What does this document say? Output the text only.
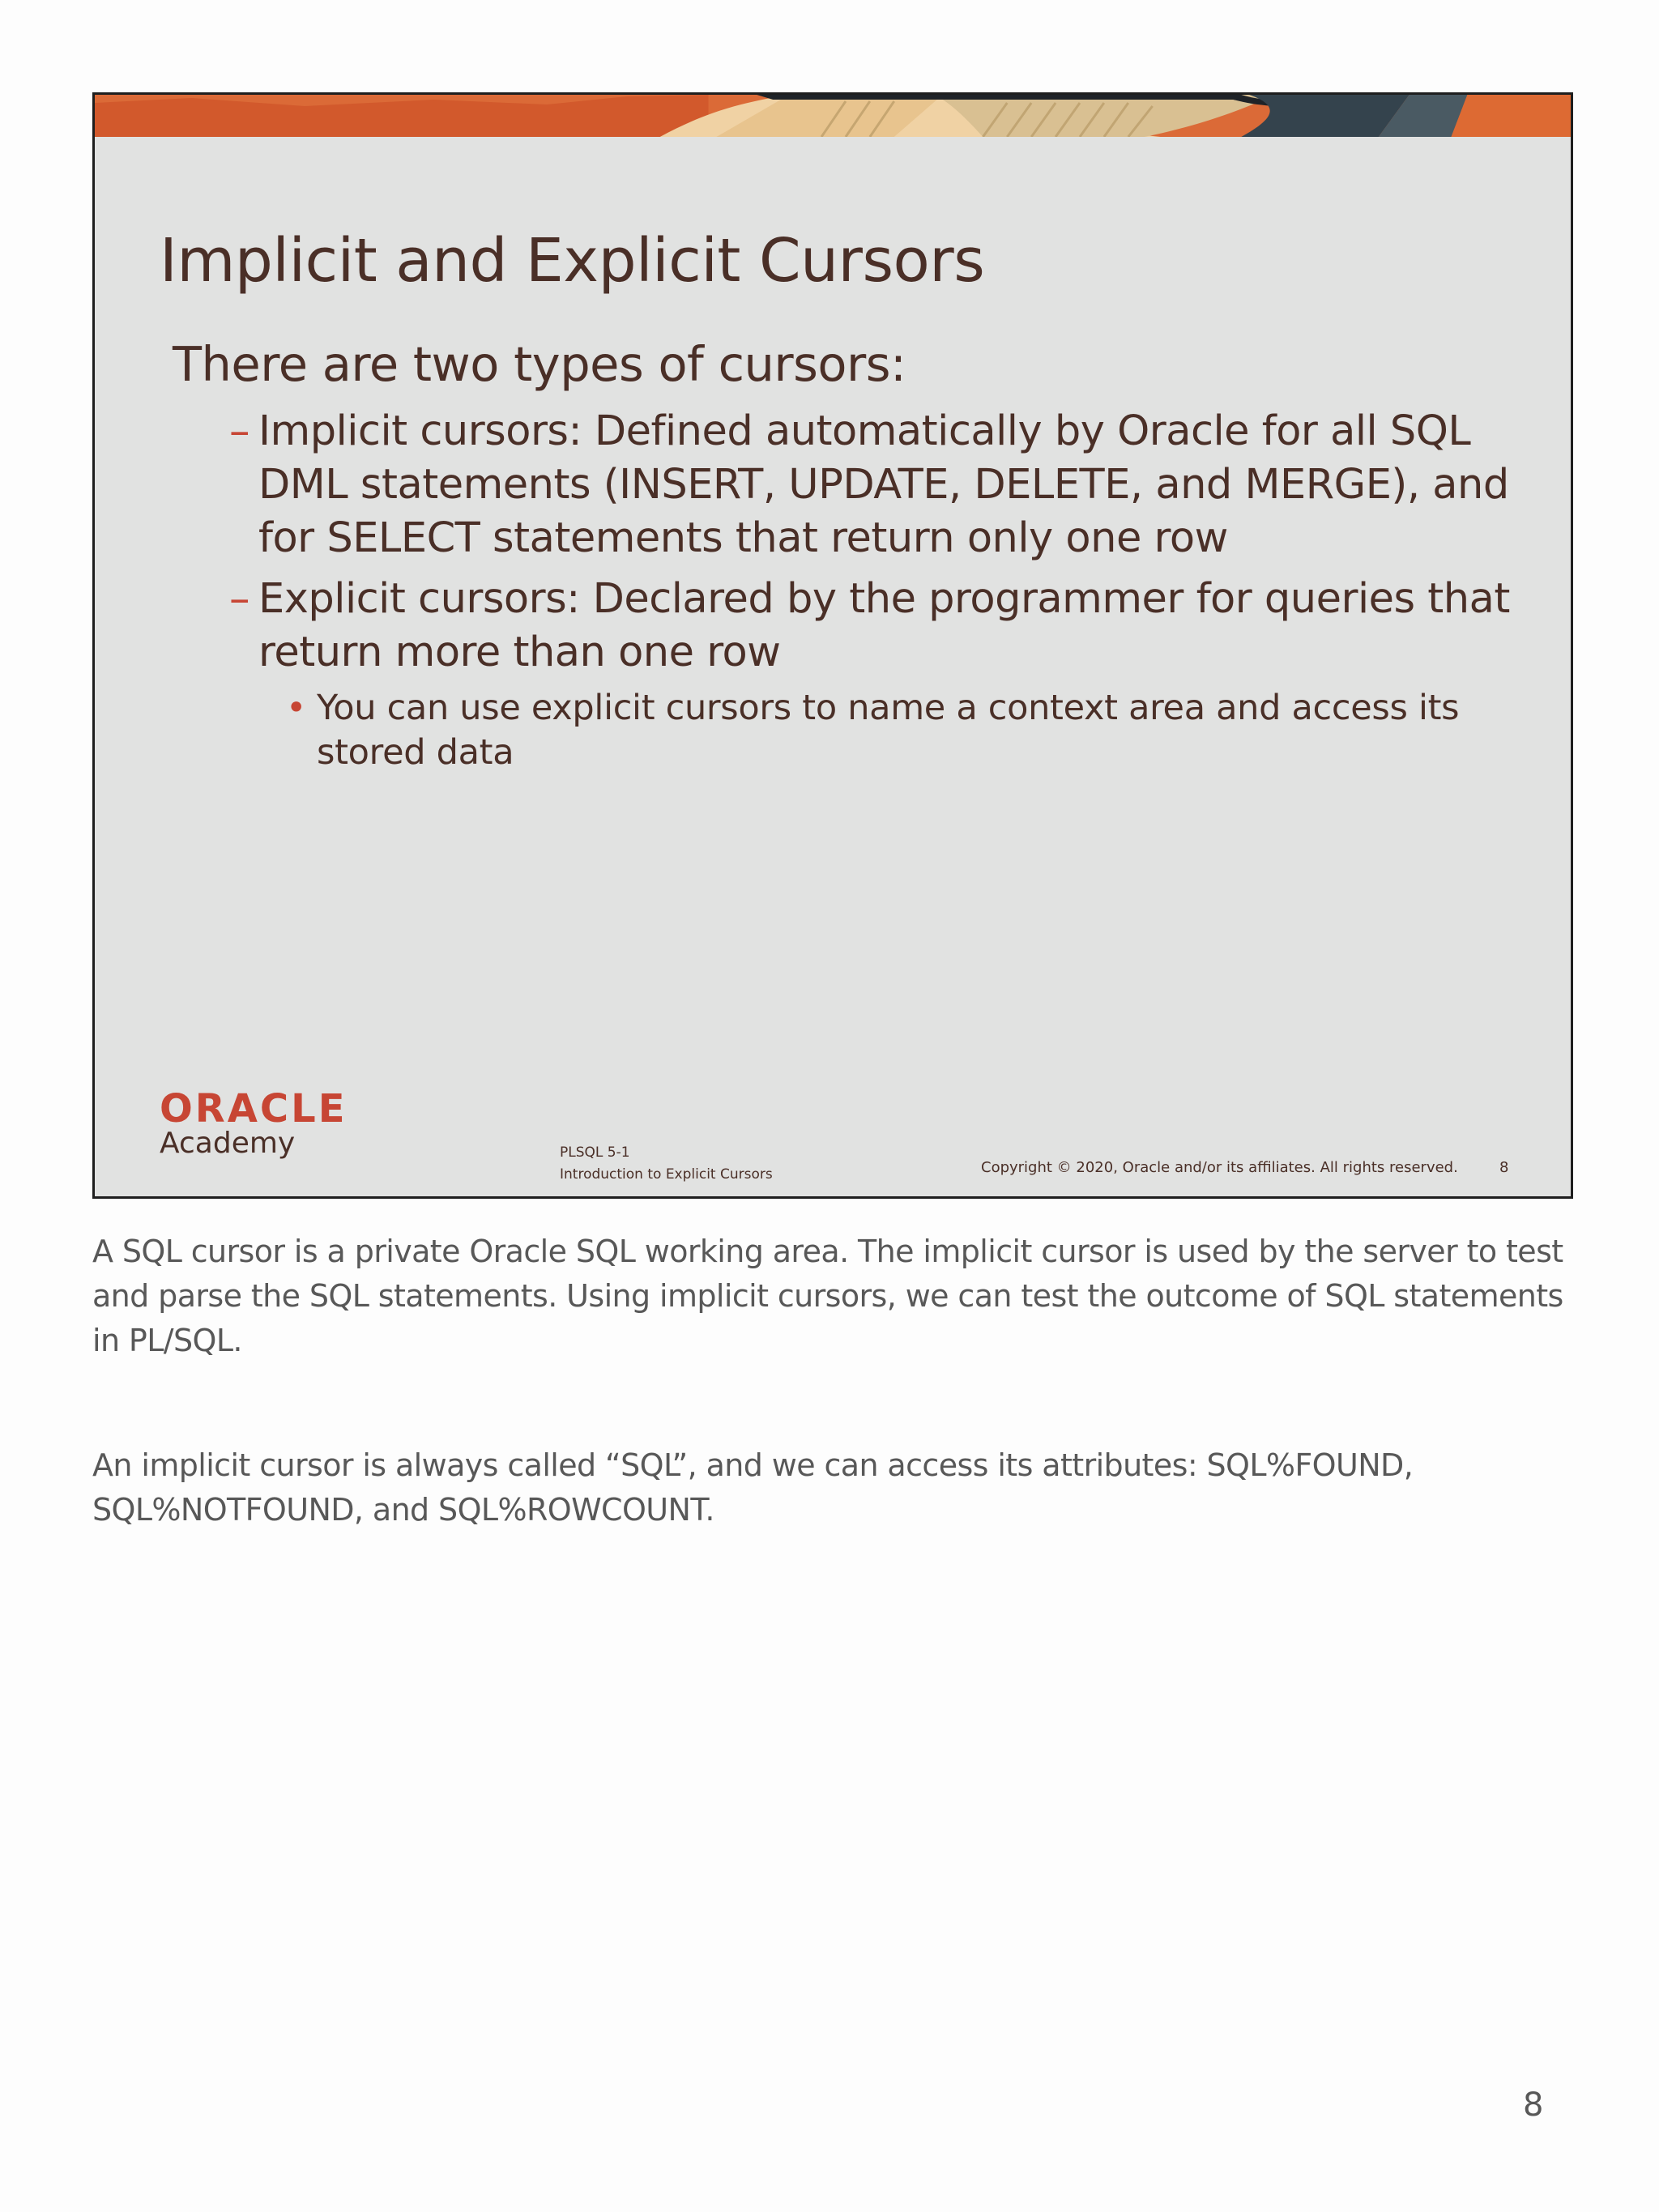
Implicit and Explicit Cursors
There are two types of cursors:
– Implicit cursors: Defined automatically by Oracle for all SQL DML statements (INSERT, UPDATE, DELETE, and MERGE), and for SELECT statements that return only one row
– Explicit cursors: Declared by the programmer for queries that return more than one row
• You can use explicit cursors to name a context area and access its stored data
ORACLE
Academy	PLSQL 5-1
Introduction to Explicit Cursors	Copyright © 2020, Oracle and/or its affiliates. All rights reserved.	8
A SQL cursor is a private Oracle SQL working area. The implicit cursor is used by the server to test and parse the SQL statements. Using implicit cursors, we can test the outcome of SQL statements in PL/SQL.
An implicit cursor is always called “SQL”, and we can access its attributes: SQL%FOUND, SQL%NOTFOUND, and SQL%ROWCOUNT.
8
